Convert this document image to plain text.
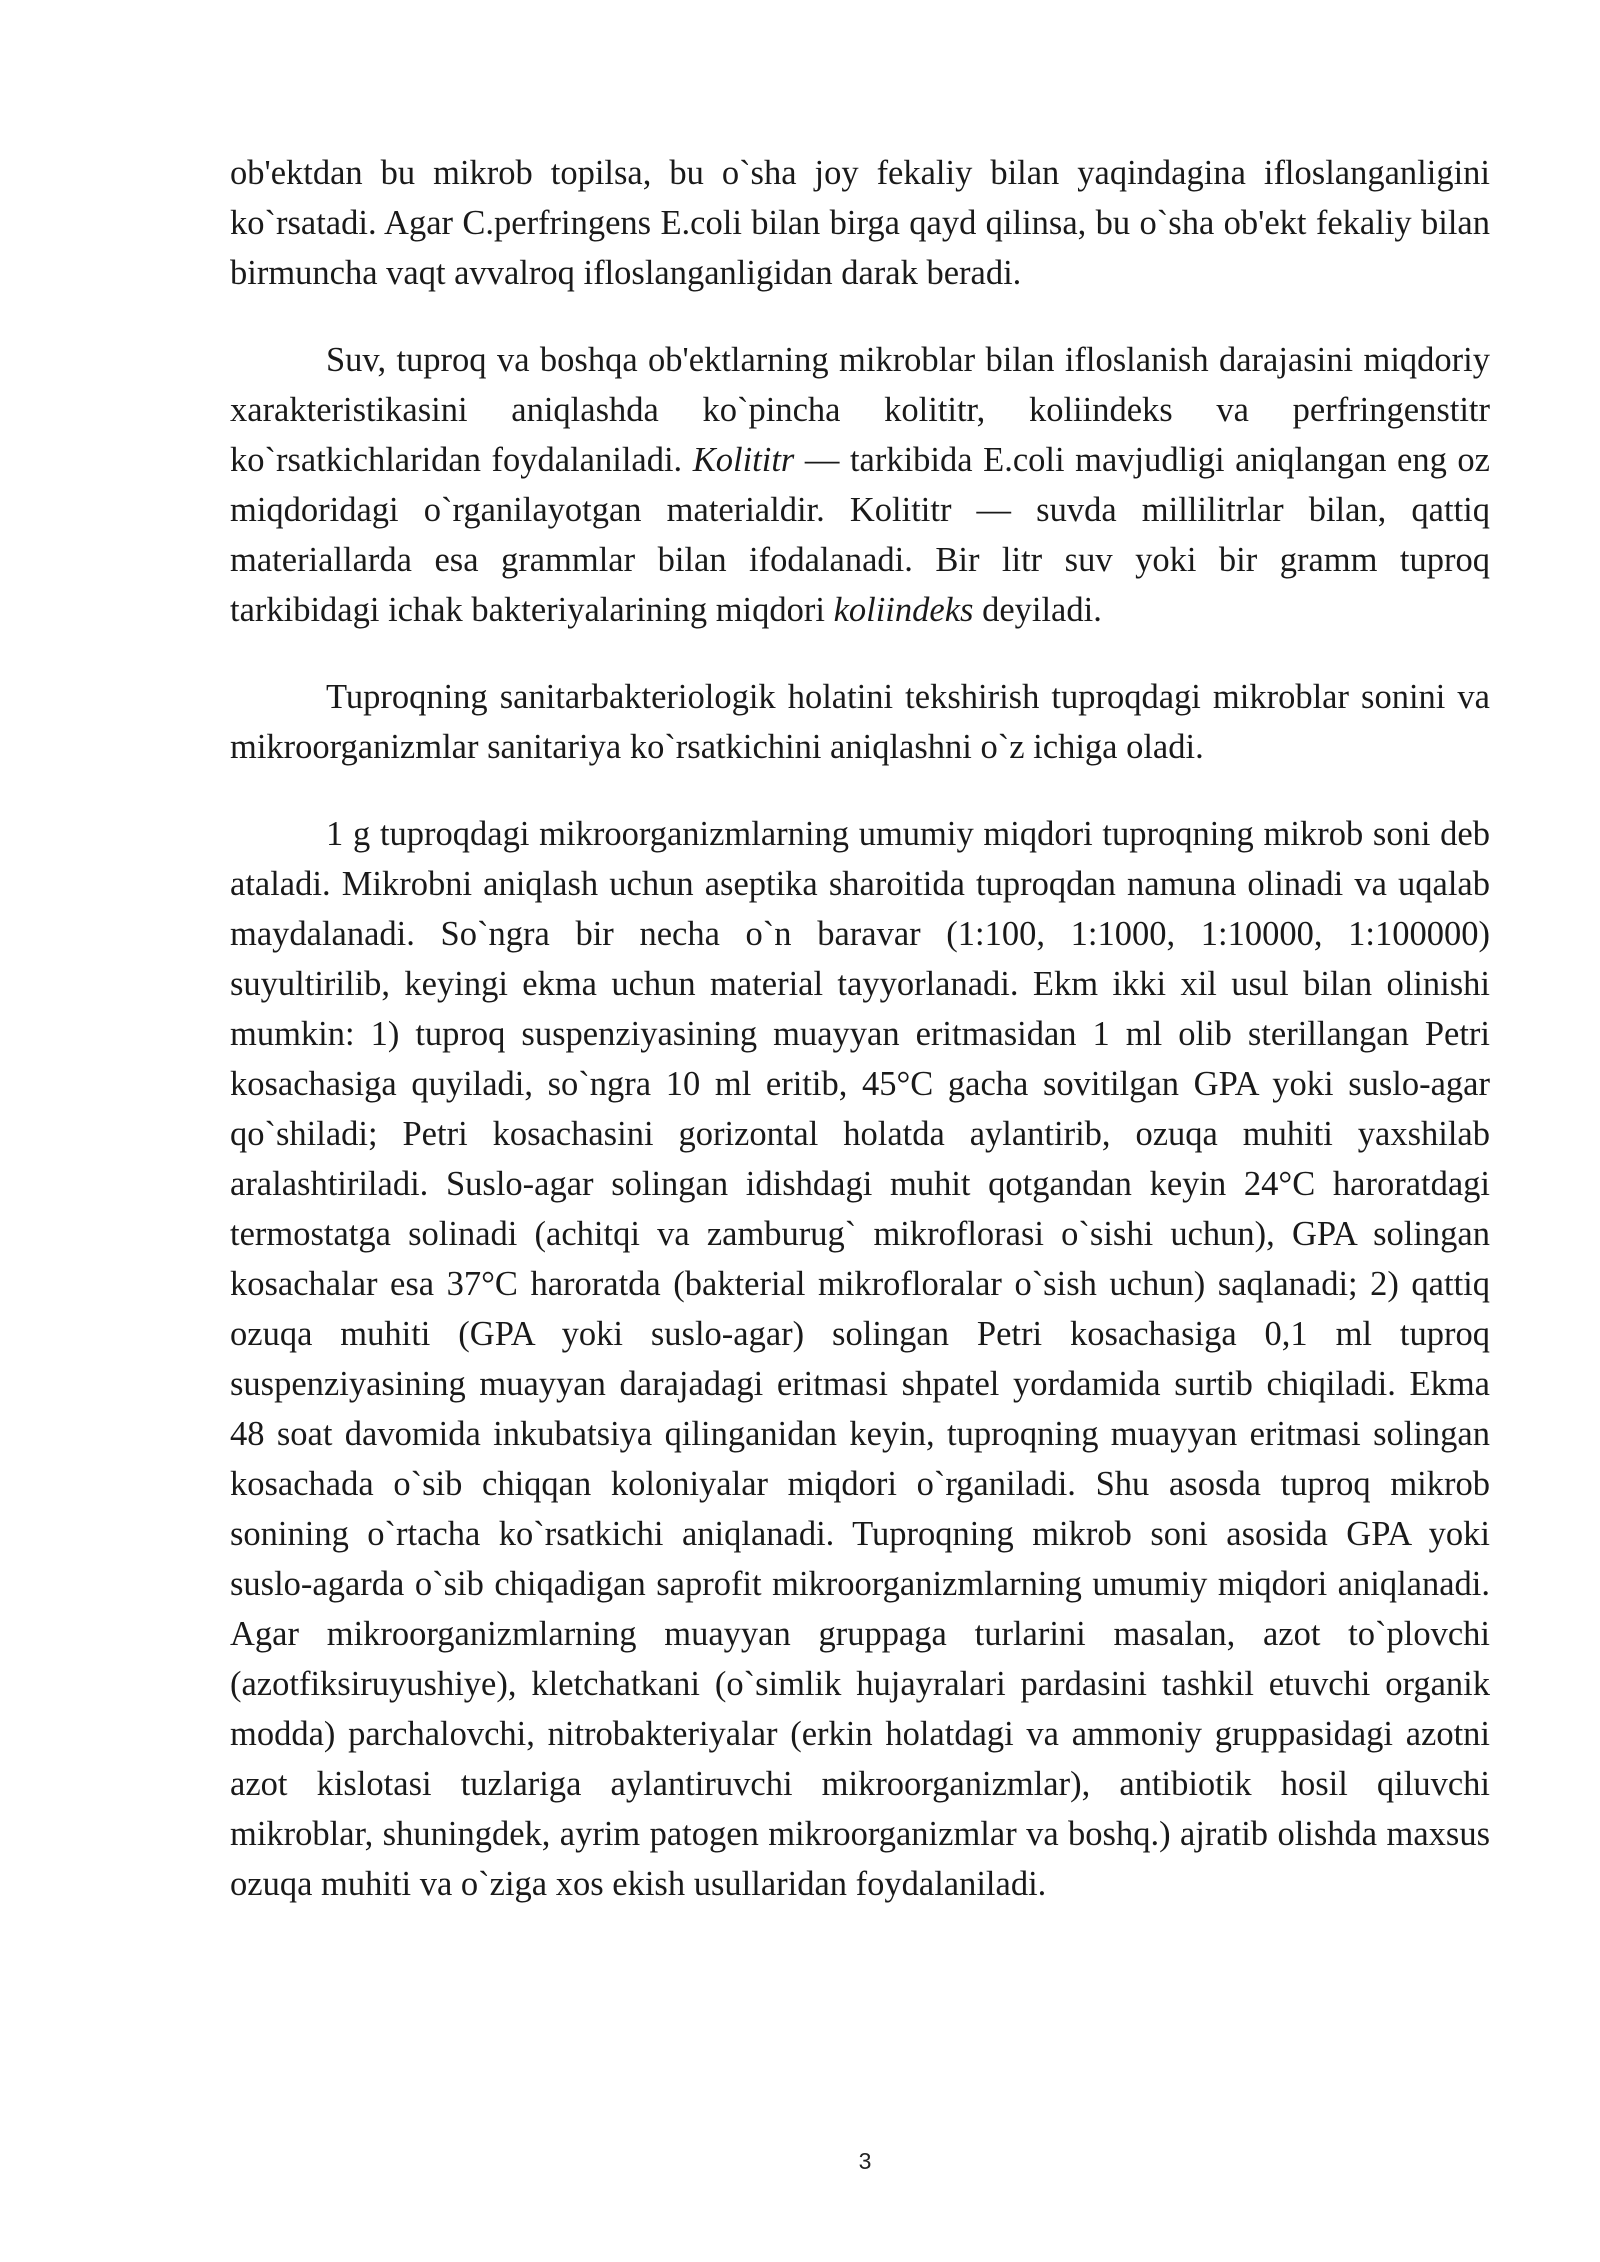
ob'ektdan bu mikrob topilsa, bu o`sha joy fekaliy bilan yaqindagina ifloslanganligini ko`rsatadi. Agar C.perfringens E.coli bilan birga qayd qilinsa, bu o`sha ob'ekt fekaliy bilan birmuncha vaqt avvalroq ifloslanganligidan darak beradi.

Suv, tuproq va boshqa ob'ektlarning mikroblar bilan ifloslanish darajasini miqdoriy xarakteristikasini aniqlashda ko`pincha kolititr, koliindeks va perfringenstitr ko`rsatkichlaridan foydalaniladi. Kolititr — tarkibida E.coli mavjudligi aniqlangan eng oz miqdoridagi o`rganilayotgan materialdir. Kolititr — suvda millilitrlar bilan, qattiq materiallarda esa grammlar bilan ifodalanadi. Bir litr suv yoki bir gramm tuproq tarkibidagi ichak bakteriyalarining miqdori koliindeks deyiladi.

Tuproqning sanitarbakteriologik holatini tekshirish tuproqdagi mikroblar sonini va mikroorganizmlar sanitariya ko`rsatkichini aniqlashni o`z ichiga oladi.

1 g tuproqdagi mikroorganizmlarning umumiy miqdori tuproqning mikrob soni deb ataladi. Mikrobni aniqlash uchun aseptika sharoitida tuproqdan namuna olinadi va uqalab maydalanadi. So`ngra bir necha o`n baravar (1:100, 1:1000, 1:10000, 1:100000) suyultirilib, keyingi ekma uchun material tayyorlanadi. Ekm ikki xil usul bilan olinishi mumkin: 1) tuproq suspenziyasining muayyan eritmasidan 1 ml olib sterillangan Petri kosachasiga quyiladi, so`ngra 10 ml eritib, 45°C gacha sovitilgan GPA yoki suslo-agar qo`shiladi; Petri kosachasini gorizontal holatda aylantirib, ozuqa muhiti yaxshilab aralashtiriladi. Suslo-agar solingan idishdagi muhit qotgandan keyin 24°C haroratdagi termostatga solinadi (achitqi va zamburug` mikroflorasi o`sishi uchun), GPA solingan kosachalar esa 37°C haroratda (bakterial mikrofloralar o`sish uchun) saqlanadi; 2) qattiq ozuqa muhiti (GPA yoki suslo-agar) solingan Petri kosachasiga 0,1 ml tuproq suspenziyasining muayyan darajadagi eritmasi shpatel yordamida surtib chiqiladi. Ekma 48 soat davomida inkubatsiya qilinganidan keyin, tuproqning muayyan eritmasi solingan kosachada o`sib chiqqan koloniyalar miqdori o`rganiladi. Shu asosda tuproq mikrob sonining o`rtacha ko`rsatkichi aniqlanadi. Tuproqning mikrob soni asosida GPA yoki suslo-agarda o`sib chiqadigan saprofit mikroorganizmlarning umumiy miqdori aniqlanadi. Agar mikroorganizmlarning muayyan gruppaga turlarini masalan, azot to`plovchi (azotfiksiruyushiye), kletchatkani (o`simlik hujayralari pardasini tashkil etuvchi organik modda) parchalovchi, nitrobakteriyalar (erkin holatdagi va ammoniy gruppasidagi azotni azot kislotasi tuzlariga aylantiruvchi mikroorganizmlar), antibiotik hosil qiluvchi mikroblar, shuningdek, ayrim patogen mikroorganizmlar va boshq.) ajratib olishda maxsus ozuqa muhiti va o`ziga xos ekish usullaridan foydalaniladi.

3
